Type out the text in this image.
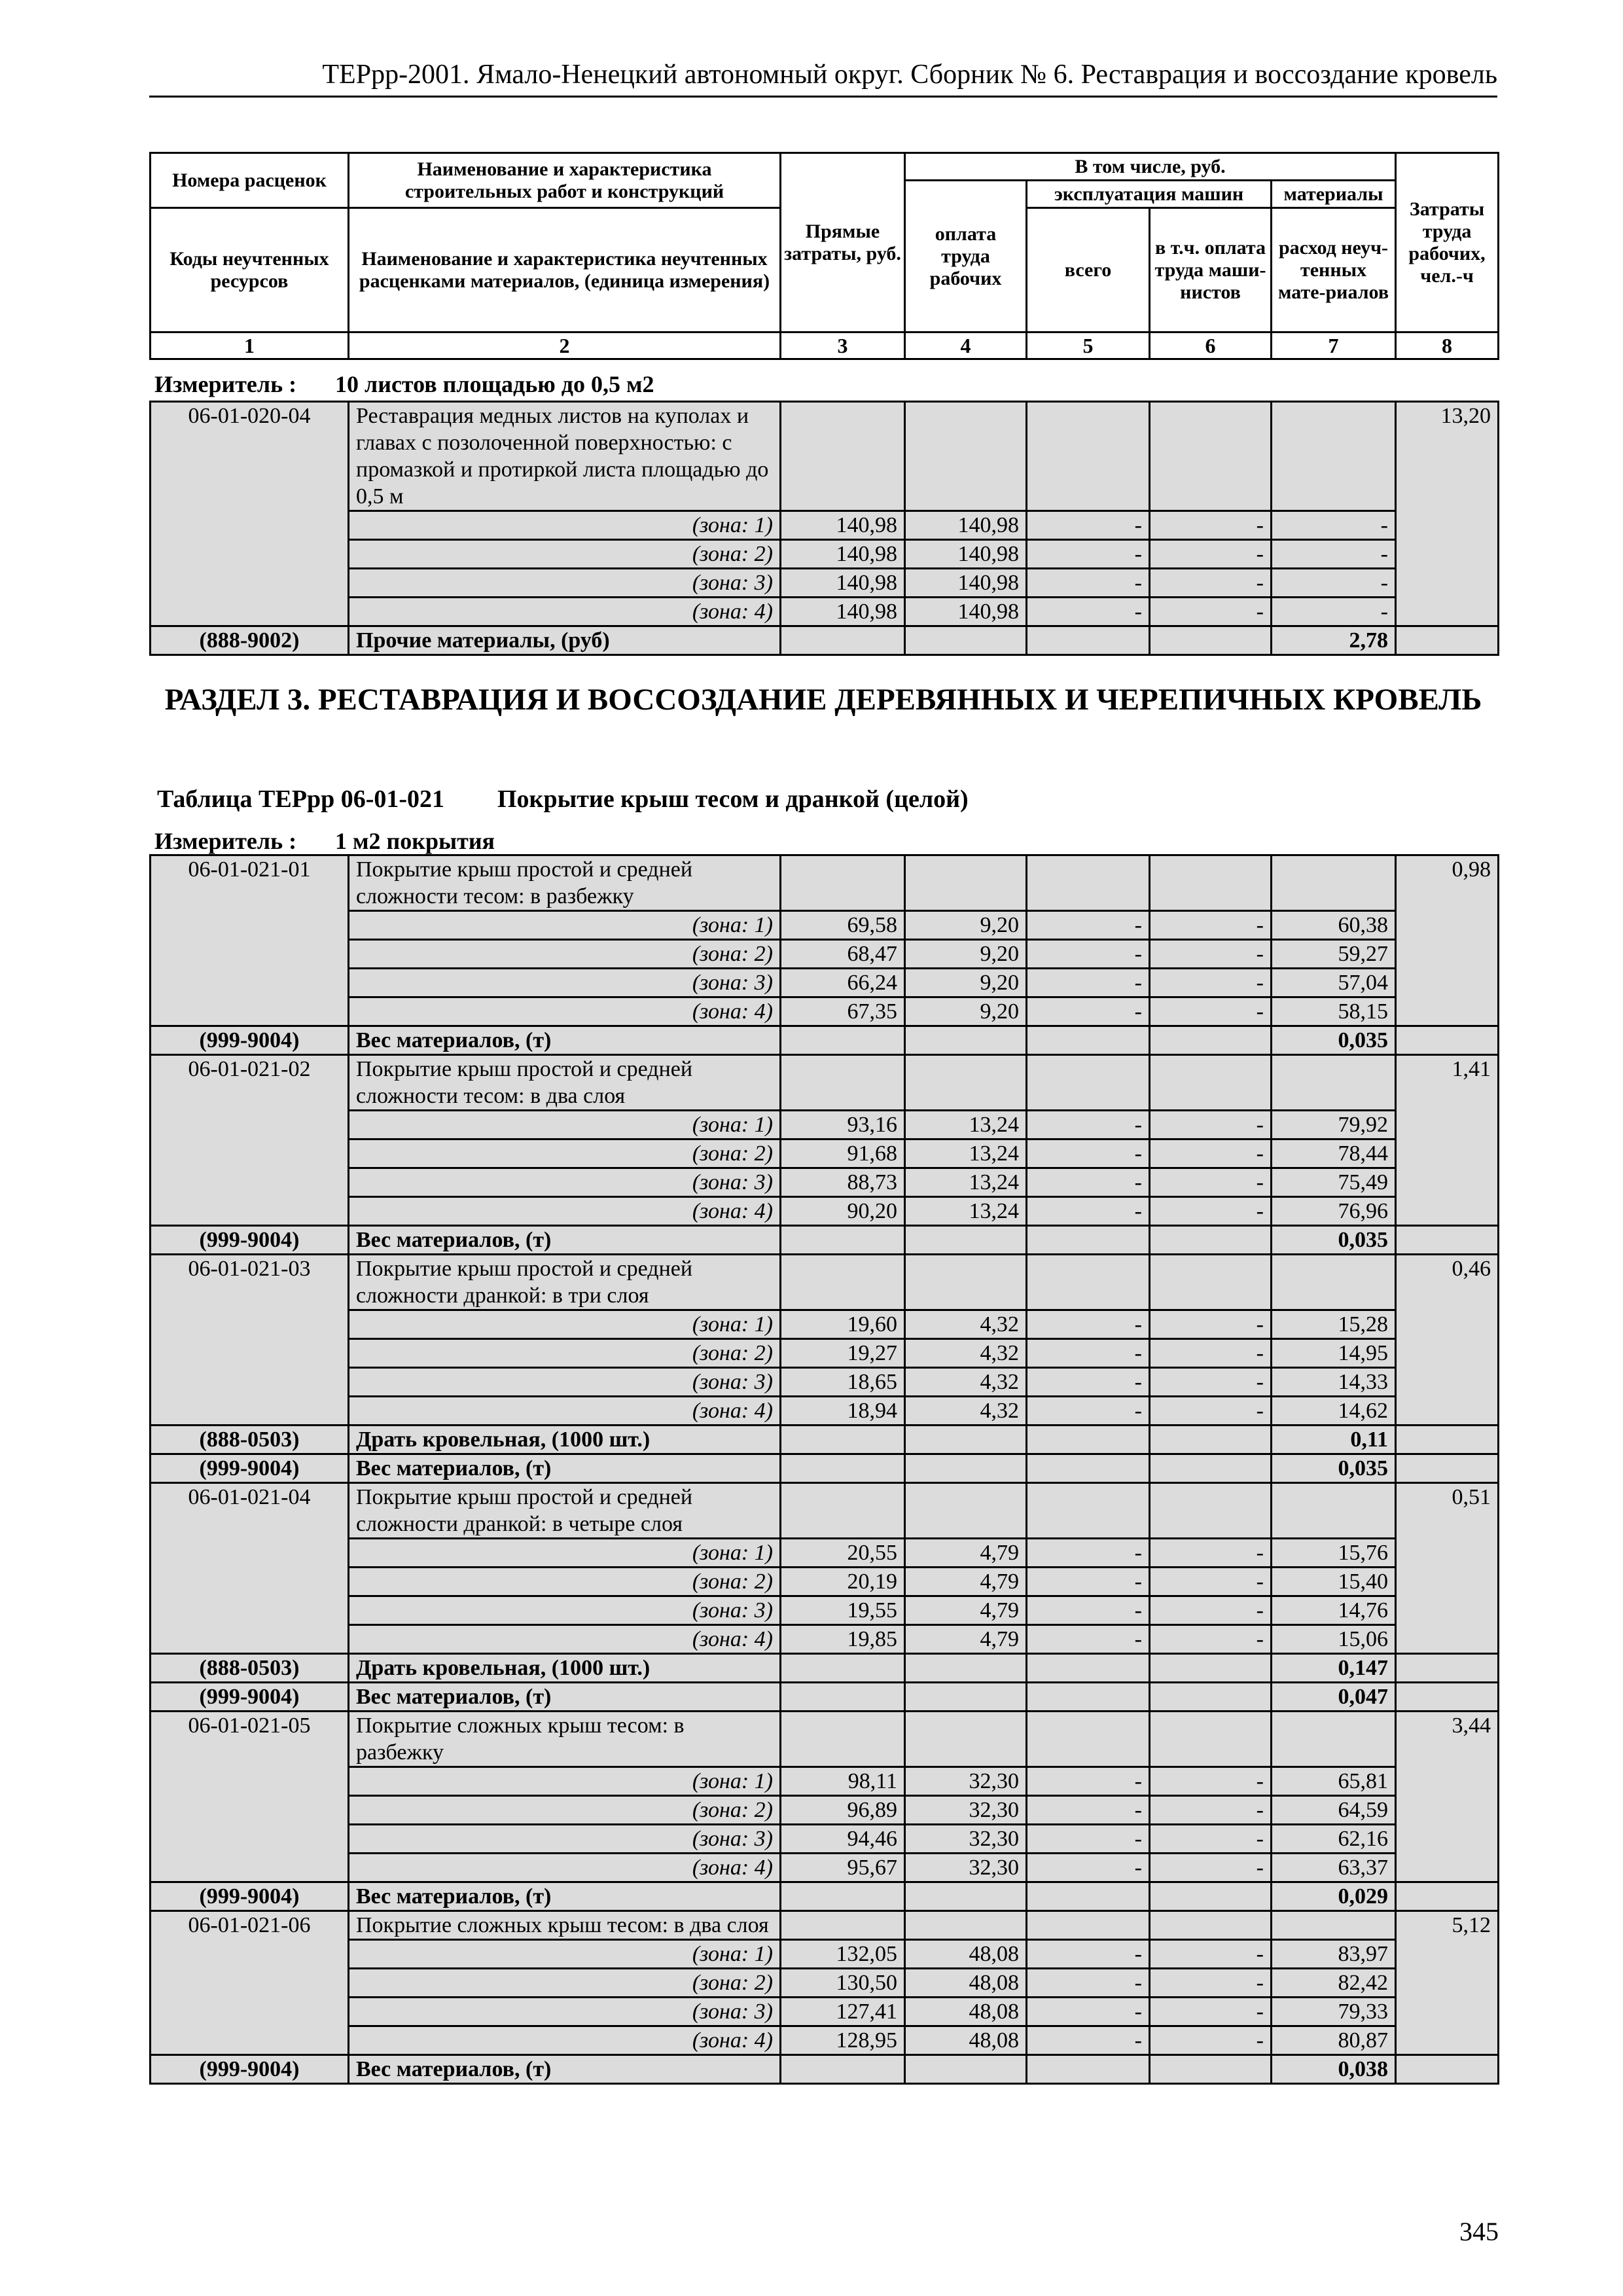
ТЕРрр-2001. Ямало-Ненецкий автономный округ. Сборник № 6. Реставрация и воссоздание кровель
Номера расценок	Наименование и характеристика строительных работ и конструкций	Прямые затраты, руб.	В том числе, руб.				Затраты труда рабочих, чел.-ч
			оплата труда рабочих	эксплуатация машин		материалы	
Коды неучтенных ресурсов	Наименование и характеристика неучтенных расценками материалов, (единица измерения)			всего	в т.ч. оплата труда маши-нистов	расход неуч-тенных мате-риалов	
1	2	3	4	5	6	7	8
Измеритель : 10 листов площадью до 0,5 м2
06-01-020-04	Реставрация медных листов на куполах и главах с позолоченной поверхностью: с промазкой и протиркой листа площадью до 0,5 м						13,20
	(зона: 1)	140,98	140,98	-	-	-	
	(зона: 2)	140,98	140,98	-	-	-	
	(зона: 3)	140,98	140,98	-	-	-	
	(зона: 4)	140,98	140,98	-	-	-	
(888-9002)	Прочие материалы, (руб)					2,78	
РАЗДЕЛ 3. РЕСТАВРАЦИЯ И ВОССОЗДАНИЕ ДЕРЕВЯННЫХ И ЧЕРЕПИЧНЫХ КРОВЕЛЬ
Таблица ТЕРрр 06-01-021 Покрытие крыш тесом и дранкой (целой)
Измеритель : 1 м2 покрытия
06-01-021-01	Покрытие крыш простой и средней сложности тесом: в разбежку						0,98
	(зона: 1)	69,58	9,20	-	-	60,38	
	(зона: 2)	68,47	9,20	-	-	59,27	
	(зона: 3)	66,24	9,20	-	-	57,04	
	(зона: 4)	67,35	9,20	-	-	58,15	
(999-9004)	Вес материалов, (т)					0,035	
06-01-021-02	Покрытие крыш простой и средней сложности тесом: в два слоя						1,41
	(зона: 1)	93,16	13,24	-	-	79,92	
	(зона: 2)	91,68	13,24	-	-	78,44	
	(зона: 3)	88,73	13,24	-	-	75,49	
	(зона: 4)	90,20	13,24	-	-	76,96	
(999-9004)	Вес материалов, (т)					0,035	
06-01-021-03	Покрытие крыш простой и средней сложности дранкой: в три слоя						0,46
	(зона: 1)	19,60	4,32	-	-	15,28	
	(зона: 2)	19,27	4,32	-	-	14,95	
	(зона: 3)	18,65	4,32	-	-	14,33	
	(зона: 4)	18,94	4,32	-	-	14,62	
(888-0503)	Драть кровельная, (1000 шт.)					0,11	
(999-9004)	Вес материалов, (т)					0,035	
06-01-021-04	Покрытие крыш простой и средней сложности дранкой: в четыре слоя						0,51
	(зона: 1)	20,55	4,79	-	-	15,76	
	(зона: 2)	20,19	4,79	-	-	15,40	
	(зона: 3)	19,55	4,79	-	-	14,76	
	(зона: 4)	19,85	4,79	-	-	15,06	
(888-0503)	Драть кровельная, (1000 шт.)					0,147	
(999-9004)	Вес материалов, (т)					0,047	
06-01-021-05	Покрытие сложных крыш тесом: в разбежку						3,44
	(зона: 1)	98,11	32,30	-	-	65,81	
	(зона: 2)	96,89	32,30	-	-	64,59	
	(зона: 3)	94,46	32,30	-	-	62,16	
	(зона: 4)	95,67	32,30	-	-	63,37	
(999-9004)	Вес материалов, (т)					0,029	
06-01-021-06	Покрытие сложных крыш тесом: в два слоя						5,12
	(зона: 1)	132,05	48,08	-	-	83,97	
	(зона: 2)	130,50	48,08	-	-	82,42	
	(зона: 3)	127,41	48,08	-	-	79,33	
	(зона: 4)	128,95	48,08	-	-	80,87	
(999-9004)	Вес материалов, (т)					0,038	
345
